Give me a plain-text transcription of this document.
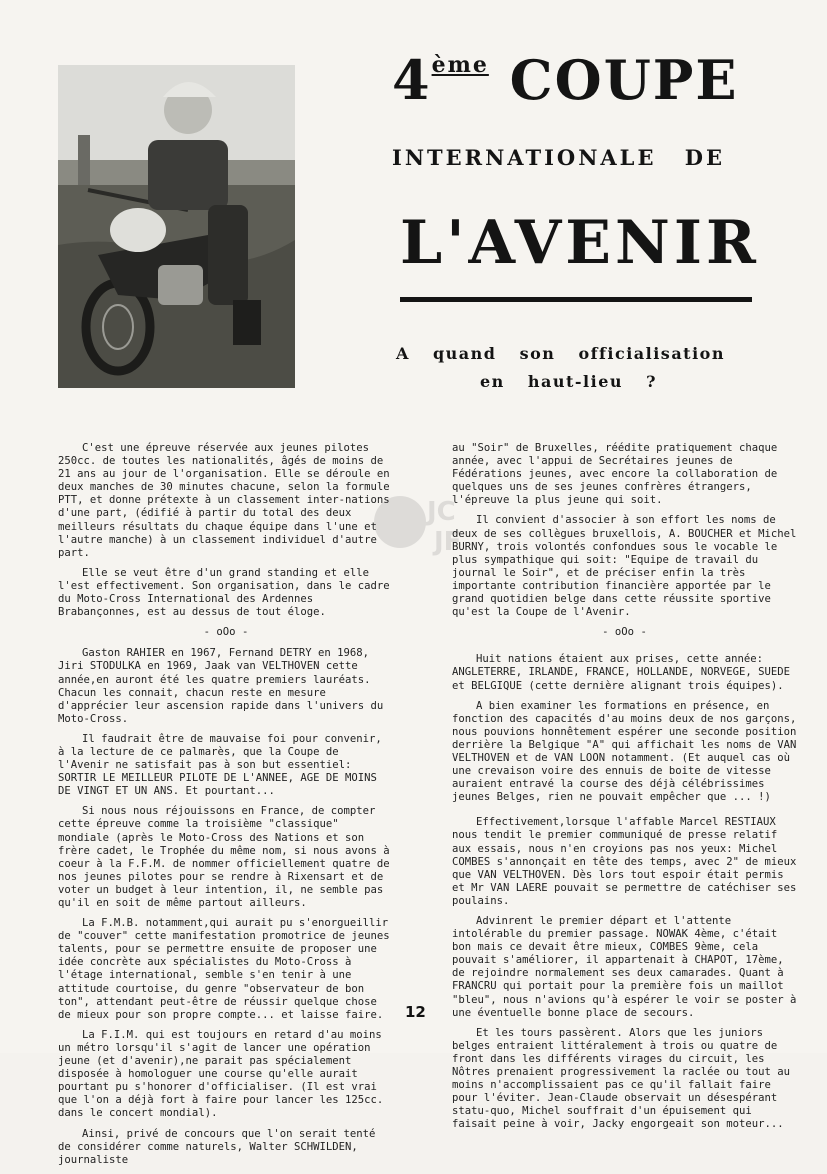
4ème COUPE
INTERNATIONALE DE
L'AVENIR
A quand son officialisation
en haut-lieu ?
JC
JF

C'est une épreuve réservée aux jeunes pilotes 250cc. de toutes les nationalités, âgés de moins de 21 ans au jour de l'organisation. Elle se déroule en deux manches de 30 minutes chacune, selon la formule PTT, et donne prétexte à un classement inter-nations d'une part, (édifié à partir du total des deux meilleurs résultats du chaque équipe dans l'une et l'autre manche) à un classement individuel d'autre part.

Elle se veut être d'un grand standing et elle l'est effectivement. Son organisation, dans le cadre du Moto-Cross International des Ardennes Brabançonnes, est au dessus de tout éloge.

- oOo -

Gaston RAHIER en 1967, Fernand DETRY en 1968, Jiri STODULKA en 1969, Jaak van VELTHOVEN cette année,en auront été les quatre premiers lauréats. Chacun les connait, chacun reste en mesure d'apprécier leur ascension rapide dans l'univers du Moto-Cross.

Il faudrait être de mauvaise foi pour convenir, à la lecture de ce palmarès, que la Coupe de l'Avenir ne satisfait pas à son but essentiel: SORTIR LE MEILLEUR PILOTE DE L'ANNEE, AGE DE MOINS DE VINGT ET UN ANS. Et pourtant...

Si nous nous réjouissons en France, de compter cette épreuve comme la troisième "classique" mondiale (après le Moto-Cross des Nations et son frère cadet, le Trophée du même nom, si nous avons à coeur à la F.F.M. de nommer officiellement quatre de nos jeunes pilotes pour se rendre à Rixensart et de voter un budget à leur intention, il, ne semble pas qu'il en soit de même partout ailleurs.

La F.M.B. notamment,qui aurait pu s'enorgueillir de "couver" cette manifestation promotrice de jeunes talents, pour se permettre ensuite de proposer une idée concrète aux spécialistes du Moto-Cross à l'étage international, semble s'en tenir à une attitude courtoise, du genre "observateur de bon ton", attendant peut-être de réussir quelque chose de mieux pour son propre compte... et laisse faire.

La F.I.M. qui est toujours en retard d'au moins un métro lorsqu'il s'agit de lancer une opération jeune (et d'avenir),ne parait pas spécialement disposée à homologuer une course qu'elle aurait pourtant pu s'honorer d'officialiser. (Il est vrai que l'on a déjà fort à faire pour lancer les 125cc. dans le concert mondial).

Ainsi, privé de concours que l'on serait tenté de considérer comme naturels, Walter SCHWILDEN, journaliste

au "Soir" de Bruxelles, réédite pratiquement chaque année, avec l'appui de Secrétaires jeunes de Fédérations jeunes, avec encore la collaboration de quelques uns de ses jeunes confrères étrangers, l'épreuve la plus jeune qui soit.

Il convient d'associer à son effort les noms de deux de ses collègues bruxellois, A. BOUCHER et Michel BURNY, trois volontés confondues sous le vocable le plus sympathique qui soit: "Equipe de travail du journal le Soir", et de préciser enfin la très importante contribution financière apportée par le grand quotidien belge dans cette réussite sportive qu'est la Coupe de l'Avenir.

- oOo -

Huit nations étaient aux prises, cette année: ANGLETERRE, IRLANDE, FRANCE, HOLLANDE, NORVEGE, SUEDE et BELGIQUE (cette dernière alignant trois équipes).

A bien examiner les formations en présence, en fonction des capacités d'au moins deux de nos garçons, nous pouvions honnêtement espérer une seconde position derrière la Belgique "A" qui affichait les noms de VAN VELTHOVEN et de VAN LOON notamment. (Et auquel cas où une crevaison voire des ennuis de boite de vitesse auraient entravé la course des déjà célébrissimes jeunes Belges, rien ne pouvait empêcher que ... !)

Effectivement,lorsque l'affable Marcel RESTIAUX nous tendit le premier communiqué de presse relatif aux essais, nous n'en croyions pas nos yeux: Michel COMBES s'annonçait en tête des temps, avec 2" de mieux que VAN VELTHOVEN. Dès lors tout espoir était permis et Mr VAN LAERE pouvait se permettre de catéchiser ses poulains.

Advinrent le premier départ et l'attente intolérable du premier passage. NOWAK 4ème, c'était bon mais ce devait être mieux, COMBES 9ème, cela pouvait s'améliorer, il appartenait à CHAPOT, 17ème, de rejoindre normalement ses deux camarades. Quant à FRANCRU qui portait pour la première fois un maillot "bleu", nous n'avions qu'à espérer le voir se poster à une éventuelle bonne place de secours.

Et les tours passèrent. Alors que les juniors belges entraient littéralement à trois ou quatre de front dans les différents virages du circuit, les Nôtres prenaient progressivement la raclée ou tout au moins n'accomplissaient pas ce qu'il fallait faire pour l'éviter. Jean-Claude observait un désespérant statu-quo, Michel souffrait d'un épuisement qui faisait peine à voir, Jacky engorgeait son moteur...

12
